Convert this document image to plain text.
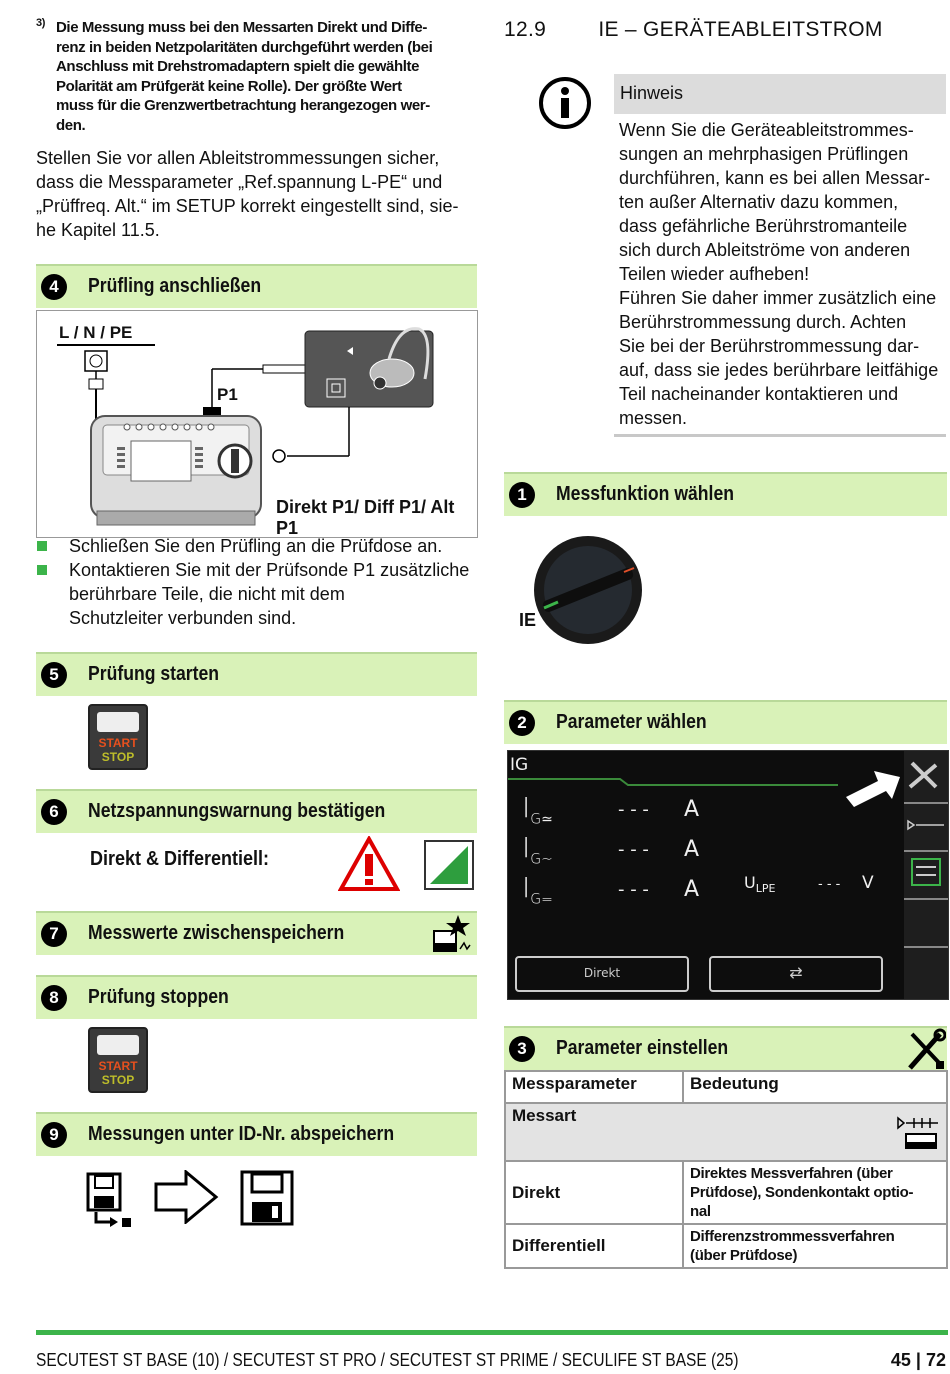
3) Die Messung muss bei den Messarten Direkt und Diffe-
renz in beiden Netzpolaritäten durchgeführt werden (bei
Anschluss mit Drehstromadaptern spielt die gewählte
Polarität am Prüfgerät keine Rolle). Der größte Wert
muss für die Grenzwertbetrachtung herangezogen wer-
den.
Stellen Sie vor allen Ableitstrommessungen sicher,
dass die Messparameter „Ref.spannung L-PE“ und
„Prüffreq. Alt.“ im SETUP korrekt eingestellt sind, sie-
he Kapitel 11.5.
12.9 IE – GERÄTEABLEITSTROM
Hinweis
Wenn Sie die Geräteableitstrommes-
sungen an mehrphasigen Prüflingen
durchführen, kann es bei allen Messar-
ten außer Alternativ dazu kommen,
dass gefährliche Berührstromanteile
sich durch Ableitströme von anderen
Teilen wieder aufheben!
Führen Sie daher immer zusätzlich eine
Berührstrommessung durch. Achten
Sie bei der Berührstrommessung dar-
auf, dass sie jedes berührbare leitfähige
Teil nacheinander kontaktieren und
messen.
4	Prüfling anschließen
L / N / PE
P1
Direkt P1/ Diff P1/ Alt P1
Schließen Sie den Prüfling an die Prüfdose an.
Kontaktieren Sie mit der Prüfsonde P1 zusätzliche
berührbare Teile, die nicht mit dem
Schutzleiter verbunden sind.
5	Prüfung starten
START
STOP
6	Netzspannungswarnung bestätigen
Direkt & Differentiell:
7	Messwerte zwischenspeichern
8	Prüfung stoppen
START
STOP
9	Messungen unter ID-Nr. abspeichern
1	Messfunktion wählen
IE
2	Parameter wählen
IG
$I_{G≃}$	- - - A
$I_{G\sim}$	- - - A
$I_{G=}$	- - - A	$U_{LPE}$	- - - V
Direkt	⇄
3	Parameter einstellen
Messparameter	Bedeutung
Messart	

Direkt	Direktes Messverfahren (über
Prüfdose), Sondenkontakt optio-
nal

Differentiell	Differenzstrommessverfahren
(über Prüfdose)
SECUTEST ST BASE (10) / SECUTEST ST PRO / SECUTEST ST PRIME / SECULIFE ST BASE (25)	45 | 72
